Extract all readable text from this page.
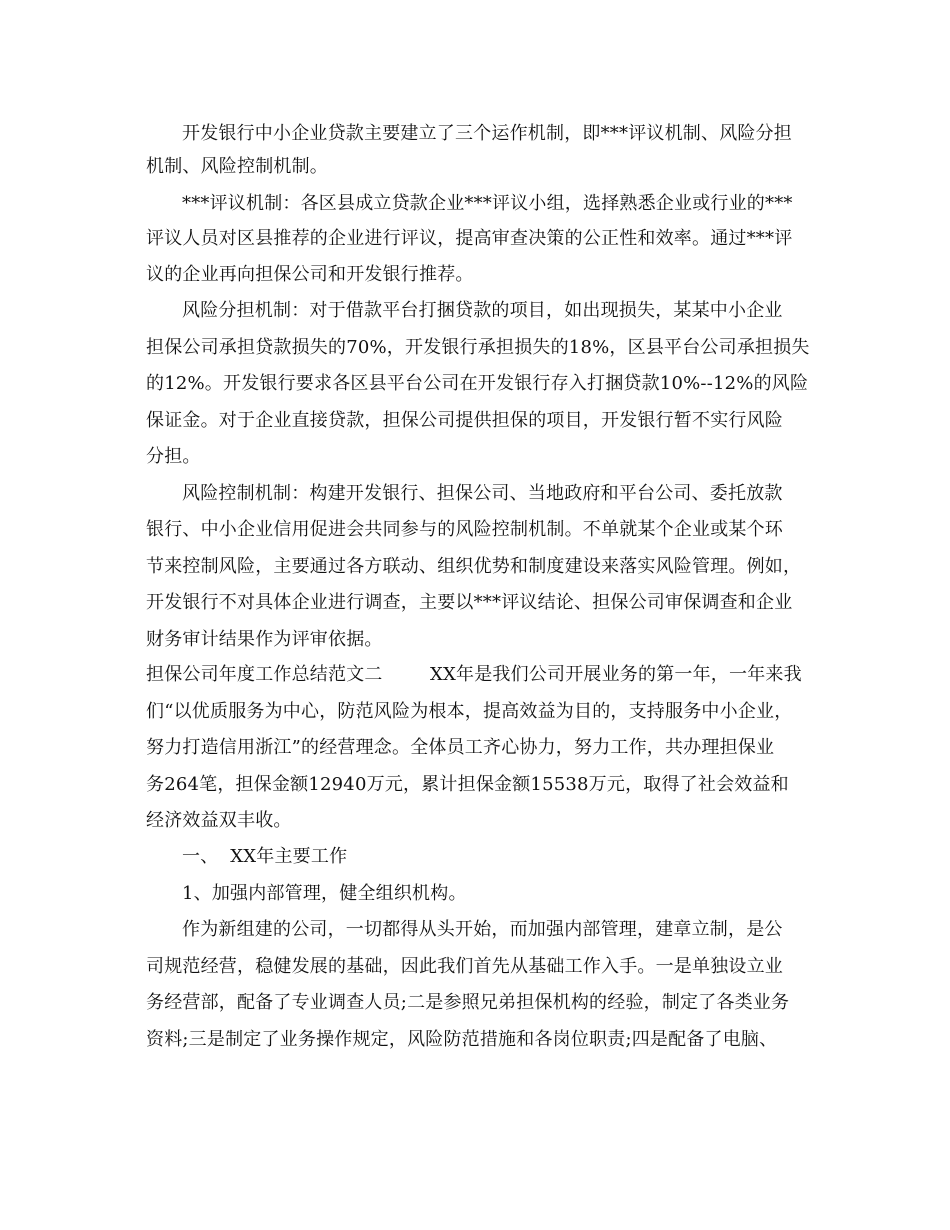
开发银行中小企业贷款主要建立了三个运作机制，即***评议机制、风险分担
机制、风险控制机制。
***评议机制：各区县成立贷款企业***评议小组，选择熟悉企业或行业的***
评议人员对区县推荐的企业进行评议，提高审查决策的公正性和效率。通过***评
议的企业再向担保公司和开发银行推荐。
风险分担机制：对于借款平台打捆贷款的项目，如出现损失，某某中小企业
担保公司承担贷款损失的70%，开发银行承担损失的18%，区县平台公司承担损失
的12%。开发银行要求各区县平台公司在开发银行存入打捆贷款10%--12%的风险
保证金。对于企业直接贷款，担保公司提供担保的项目，开发银行暂不实行风险
分担。
风险控制机制：构建开发银行、担保公司、当地政府和平台公司、委托放款
银行、中小企业信用促进会共同参与的风险控制机制。不单就某个企业或某个环
节来控制风险，主要通过各方联动、组织优势和制度建设来落实风险管理。例如，
开发银行不对具体企业进行调查，主要以***评议结论、担保公司审保调查和企业
财务审计结果作为评审依据。
担保公司年度工作总结范文二        XX年是我们公司开展业务的第一年，一年来我
们“以优质服务为中心，防范风险为根本，提高效益为目的，支持服务中小企业，
努力打造信用浙江”的经营理念。全体员工齐心协力，努力工作，共办理担保业
务264笔，担保金额12940万元，累计担保金额15538万元，取得了社会效益和
经济效益双丰收。
一、  XX年主要工作
1、加强内部管理，健全组织机构。
作为新组建的公司，一切都得从头开始，而加强内部管理，建章立制，是公
司规范经营，稳健发展的基础，因此我们首先从基础工作入手。一是单独设立业
务经营部，配备了专业调查人员;二是参照兄弟担保机构的经验，制定了各类业务
资料;三是制定了业务操作规定，风险防范措施和各岗位职责;四是配备了电脑、
